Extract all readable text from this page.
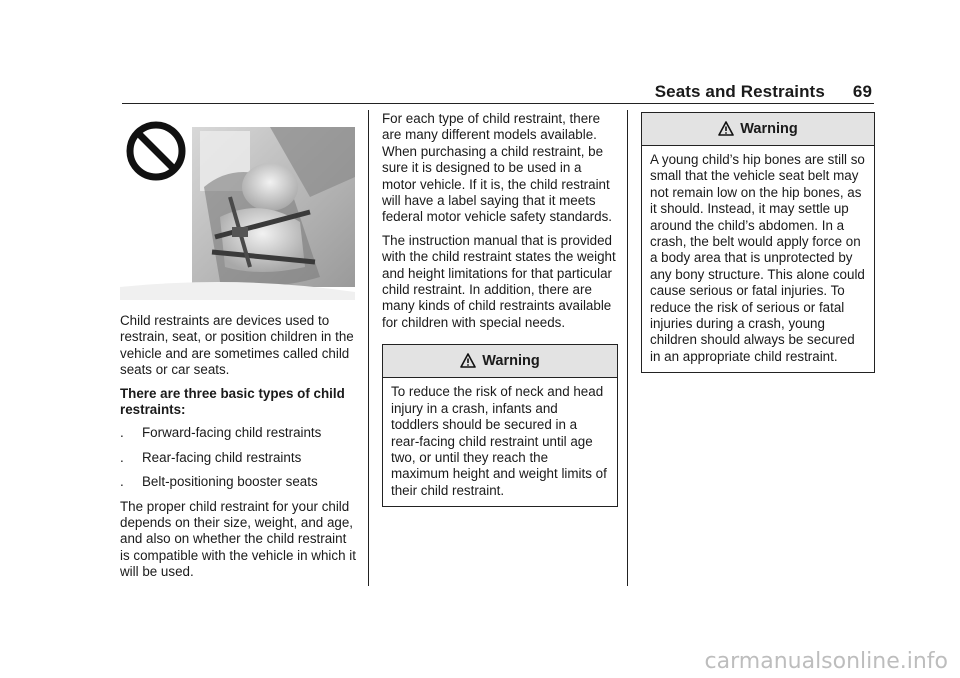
Seats and Restraints 69

Child restraints are devices used to restrain, seat, or position children in the vehicle and are sometimes called child seats or car seats.

There are three basic types of child restraints:

.	Forward-facing child restraints
.	Rear-facing child restraints
.	Belt-positioning booster seats

The proper child restraint for your child depends on their size, weight, and age, and also on whether the child restraint is compatible with the vehicle in which it will be used.

For each type of child restraint, there are many different models available. When purchasing a child restraint, be sure it is designed to be used in a motor vehicle. If it is, the child restraint will have a label saying that it meets federal motor vehicle safety standards.

The instruction manual that is provided with the child restraint states the weight and height limitations for that particular child restraint. In addition, there are many kinds of child restraints available for children with special needs.

Warning
To reduce the risk of neck and head injury in a crash, infants and toddlers should be secured in a rear-facing child restraint until age two, or until they reach the maximum height and weight limits of their child restraint.
Warning
A young child’s hip bones are still so small that the vehicle seat belt may not remain low on the hip bones, as it should. Instead, it may settle up around the child’s abdomen. In a crash, the belt would apply force on a body area that is unprotected by any bony structure. This alone could cause serious or fatal injuries. To reduce the risk of serious or fatal injuries during a crash, young children should always be secured in an appropriate child restraint.
carmanualsonline.info
